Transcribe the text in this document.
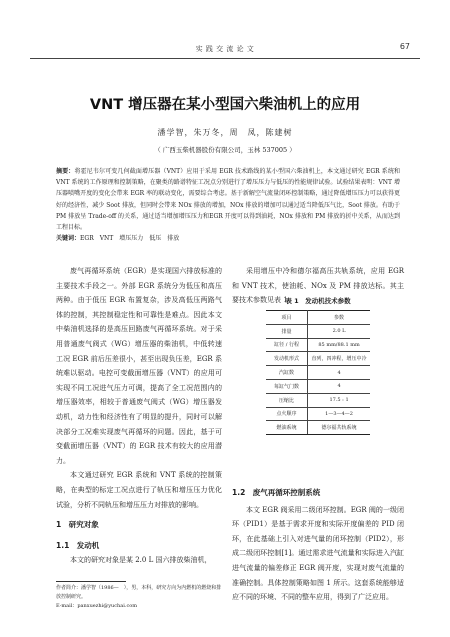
实 践 交 流 论 文	67
VNT 增压器在某小型国六柴油机上的应用
潘学智，朱万冬，周　凤，陈建树
（ 广西玉柴机器股份有限公司，玉林 537005 ）

摘要：将霍尼韦尔可变几何截面增压器（VNT）应用于采用 EGR 技术路线的某小型国六柴油机上，本文通过研究 EGR 系统和 VNT 系统的工作原理和控制策略，在聚类的路谱特征工况点分别进行了增压压力与低压的性能规律试验。试验结果表明：VNT 增压器喷嘴开度的变化会带来 EGR 率的联动变化，需要综合考虑。基于新解空气流量闭环控制策略，通过降低增压压力可以获得更好的经济性，减少 Soot 排放，但同时会带来 NOx 排放的增加，NOx 排放的增加可以通过适当降低压气比，Soot 排放。有助于 PM 排放呈 Trade-off 的关系，通过适当增加增压压力和EGR 开度可以得到油耗，NOx 排放和 PM 排放的折中关系，从而达到工程目标。

关键词：EGR　VNT　增压压力　低压　排放

废气再循环系统（EGR）是实现国六排放标准的主要技术手段之一。外部 EGR 系统分为低压和高压两种。由于低压 EGR 布置复杂，涉及高低压两路气体的控制，其控制稳定性和可靠性是难点。因此本文中柴油机选择的是高压回路废气再循环系统。对于采用普通废气阀式（WG）增压器的柴油机，中低转速工况 EGR 前后压差很小，甚至出现负压差，EGR 系统难以驱动。电控可变截面增压器（VNT）的应用可实现不同工况进气压力可调，提高了全工况范围内的增压器效率，相较于普通废气阀式（WG）增压器发动机，动力性和经济性有了明显的提升，同时可以解决部分工况难实现废气再循环的问题。因此，基于可变截面增压器（VNT）的 EGR 技术有较大的应用潜力。

本文通过研究 EGR 系统和 VNT 系统的控制策略，在典型的标定工况点进行了轨压和增压压力优化试验，分析不同轨压和增压压力对排放的影响。

1　研究对象
1.1　发动机

本文的研究对象是某 2.0 L 国六排放柴油机，

作者简介：潘学智（1986—　），男，本科，研究方向为内燃机的燃烧和排放控制研究。
E-mail：panxuezhi@yuchai.com

采用增压中冷和德尔福高压共轨系统，应用 EGR 和 VNT 技术，使油耗、NOx 及 PM 排放达标。其主要技术参数见表 1。

表 1　发动机技术参数
项目	参数
排量	2.0 L
缸径 / 行程	85 mm/88.1 mm
发动机形式	直列，四冲程，增压中冷
汽缸数	4
每缸气门数	4
压缩比	17.5 : 1
点火顺序	1—3—4—2
燃油系统	德尔福共轨系统
1.2　废气再循环控制系统

本文 EGR 阀采用二级闭环控制。EGR 阀的一级闭环（PID1）是基于需求开度和实际开度偏差的 PID 闭环，在此基础上引入对进气量的闭环控制（PID2），形成二级闭环控制[1]。通过需求进气流量和实际进入汽缸进气流量的偏差修正 EGR 阀开度，实现对废气流量的准确控制。具体控制策略如图 1 所示。这套系统能够适应不同的环境、不同的整车应用，得到了广泛应用。
